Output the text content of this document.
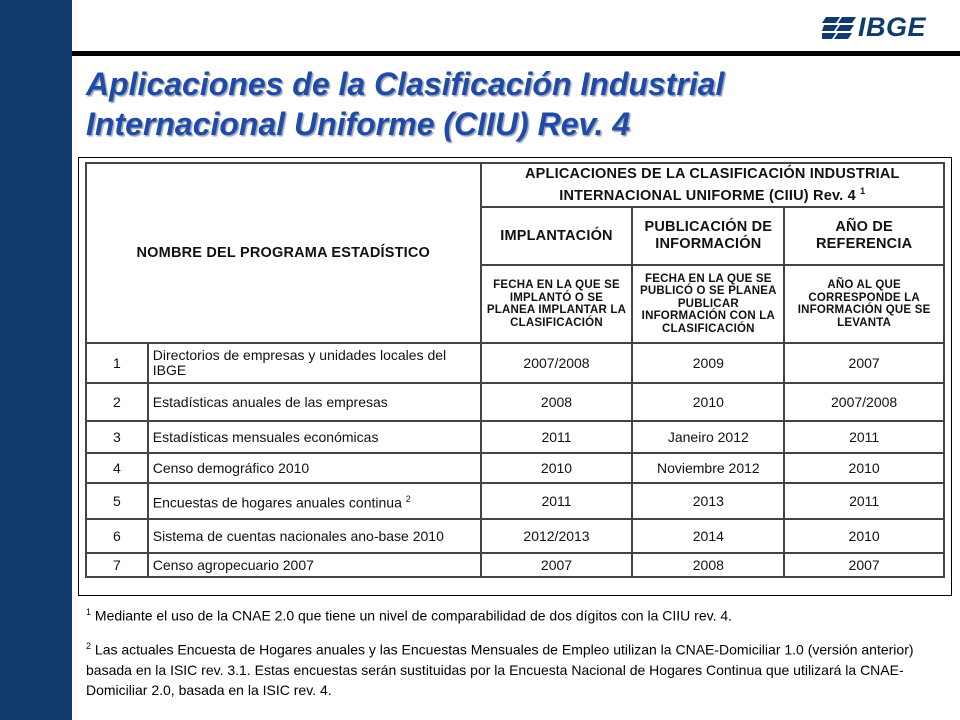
IBGE
Aplicaciones de la Clasificación Industrial
Internacional Uniforme (CIIU) Rev. 4
NOMBRE DEL PROGRAMA ESTADÍSTICO		APLICACIONES DE LA CLASIFICACIÓN INDUSTRIAL
INTERNACIONAL UNIFORME (CIIU) Rev. 4 $^1$

		IMPLANTACIÓN	PUBLICACIÓN DE INFORMACIÓN	AÑO DE REFERENCIA
		FECHA EN LA QUE SE IMPLANTÓ O SE PLANEA IMPLANTAR LA CLASIFICACIÓN	FECHA EN LA QUE SE PUBLICÓ O SE PLANEA PUBLICAR INFORMACIÓN CON LA CLASIFICACIÓN	AÑO AL QUE CORRESPONDE LA INFORMACIÓN QUE SE LEVANTA
1	Directorios de empresas y unidades locales del IBGE	2007/2008	2009	2007
2	Estadísticas anuales de las empresas	2008	2010	2007/2008
3	Estadísticas mensuales económicas	2011	Janeiro 2012	2011
4	Censo demográfico 2010	2010	Noviembre 2012	2010
5	Encuestas de hogares anuales continua $^2$	2011	2013	2011
6	Sistema de cuentas nacionales ano-base 2010	2012/2013	2014	2010
7	Censo agropecuario 2007	2007	2008	2007
$^1$ Mediante el uso de la CNAE 2.0 que tiene un nivel de comparabilidad de dos dígitos con la CIIU rev. 4.
$^2$ Las actuales Encuesta de Hogares anuales y las Encuestas Mensuales de Empleo utilizan la CNAE-Domiciliar 1.0 (versión anterior) basada en la ISIC rev. 3.1. Estas encuestas serán sustituidas por la Encuesta Nacional de Hogares Continua que utilizará la CNAE-Domiciliar 2.0, basada en la ISIC rev. 4.
